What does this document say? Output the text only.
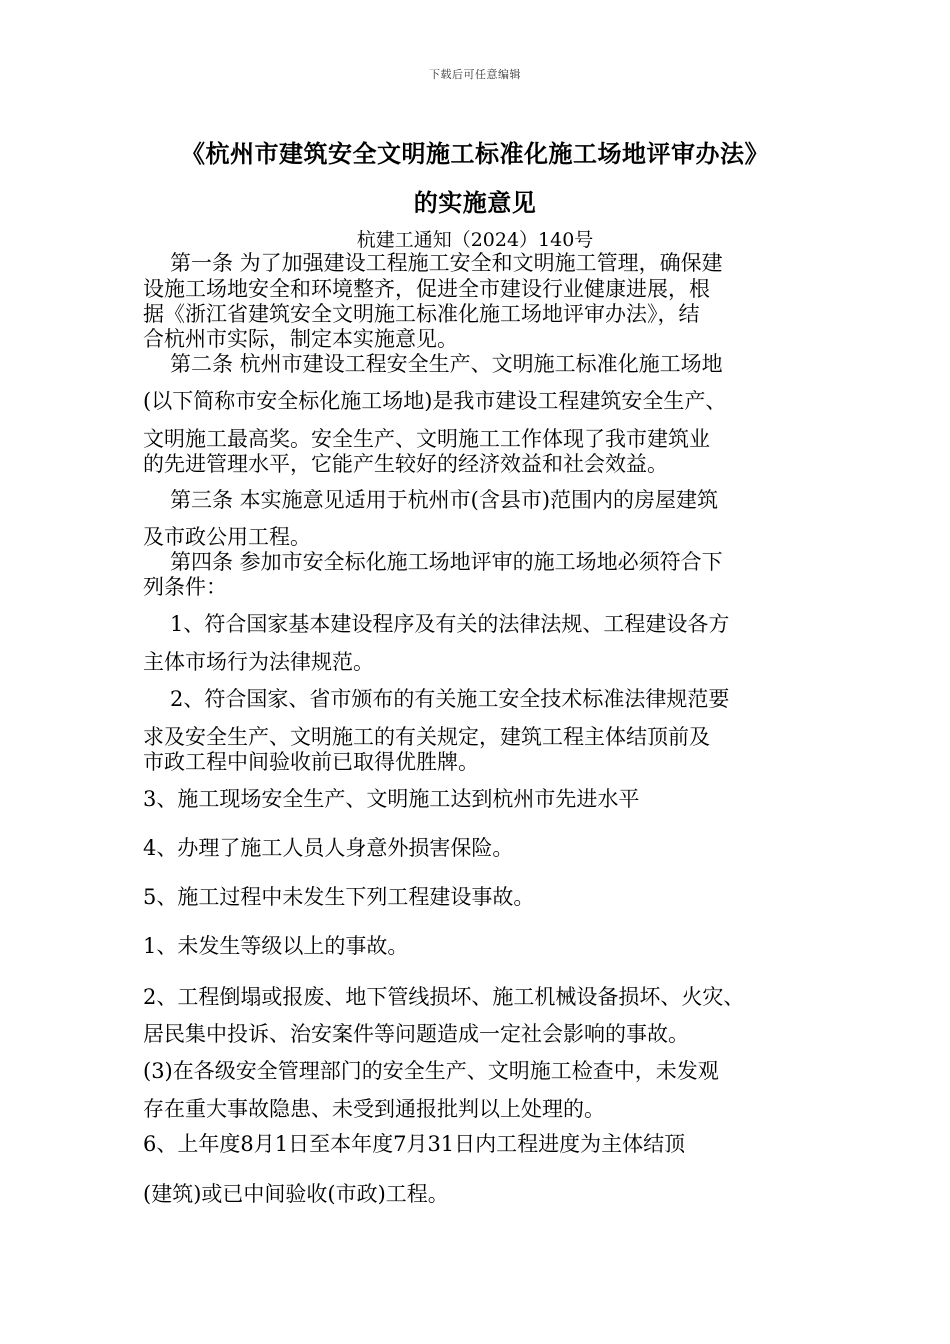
下载后可任意编辑
《杭州市建筑安全文明施工标准化施工场地评审办法》
的实施意见
杭建工通知（2024）140号
第一条 为了加强建设工程施工安全和文明施工管理，确保建
设施工场地安全和环境整齐，促进全市建设行业健康进展，根
据《浙江省建筑安全文明施工标准化施工场地评审办法》，结
合杭州市实际，制定本实施意见。
第二条 杭州市建设工程安全生产、文明施工标准化施工场地
(以下简称市安全标化施工场地)是我市建设工程建筑安全生产、
文明施工最高奖。安全生产、文明施工工作体现了我市建筑业
的先进管理水平，它能产生较好的经济效益和社会效益。
第三条 本实施意见适用于杭州市(含县市)范围内的房屋建筑
及市政公用工程。
第四条 参加市安全标化施工场地评审的施工场地必须符合下
列条件：
1、符合国家基本建设程序及有关的法律法规、工程建设各方
主体市场行为法律规范。
2、符合国家、省市颁布的有关施工安全技术标准法律规范要
求及安全生产、文明施工的有关规定，建筑工程主体结顶前及
市政工程中间验收前已取得优胜牌。
3、施工现场安全生产、文明施工达到杭州市先进水平
4、办理了施工人员人身意外损害保险。
5、施工过程中未发生下列工程建设事故。
1、未发生等级以上的事故。
2、工程倒塌或报废、地下管线损坏、施工机械设备损坏、火灾、
居民集中投诉、治安案件等问题造成一定社会影响的事故。
(3)在各级安全管理部门的安全生产、文明施工检查中，未发观
存在重大事故隐患、未受到通报批判以上处理的。
6、上年度8月1日至本年度7月31日内工程进度为主体结顶
(建筑)或已中间验收(市政)工程。
